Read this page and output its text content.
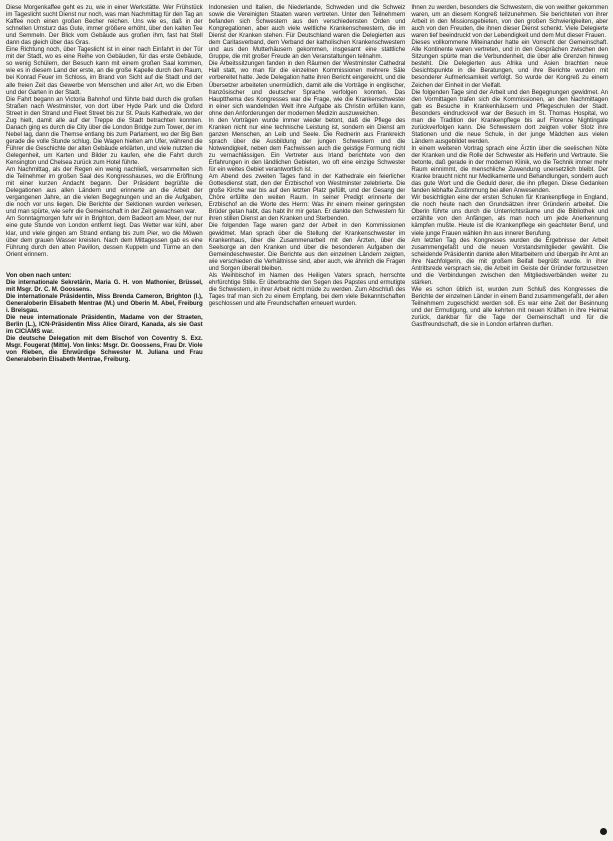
Diese Morgenkaffee geht es zu, wie in einer Werkstätte. Wer Frühstück im Tageslicht sucht Dienst nur noch, was man Nachmittag für den Tag an Kaffee noch einen großen Becher reichen. Uns wie es, daß in der schnellen Umsturz das Gute, immer größere erhöht, über den kalten Tee und Semmeln. Der Blick vom Gebäude aus großen ihm, fast hat Stell dann das gleich über das Gras.

Eine Richtung noch, über Tageslicht ist in einer nach Einfahrt in der Tür mit der Stadt, wo es eine Reihe von Gebäuden, für das erste Gebäude, so wenig Schülern, der Besuch kann mit einem großen Saal kommen, wie es in diesem Land der erste, an die große Kapelle durch den Raum, bei Konrad Feuer im Schloss, im Brand von Sicht auf die Stadt und der alle freien Zeit das Gewerbe von Menschen und aller Art, wo die Erben und der Garten in der Stadt.

Die Fahrt begann an Victoria Bahnhof und führte bald durch die großen Straßen nach Westminster, von dort über Hyde Park und die Oxford Street in den Strand und Fleet Street bis zur St. Pauls Kathedrale, wo der Zug hielt, damit alle auf der Treppe die Stadt betrachten konnten. Danach ging es durch die City über die London Bridge zum Tower, der im Nebel lag, dann die Themse entlang bis zum Parlament, wo der Big Ben gerade die volle Stunde schlug. Die Wagen hielten am Ufer, während die Führer die Geschichte der alten Gebäude erklärten, und viele nutzten die Gelegenheit, um Karten und Bilder zu kaufen, ehe die Fahrt durch Kensington und Chelsea zurück zum Hotel führte.

Am Nachmittag, als der Regen ein wenig nachließ, versammelten sich die Teilnehmer im großen Saal des Kongresshauses, wo die Eröffnung mit einer kurzen Andacht begann. Der Präsident begrüßte die Delegationen aus allen Ländern und erinnerte an die Arbeit der vergangenen Jahre, an die vielen Begegnungen und an die Aufgaben, die noch vor uns liegen. Die Berichte der Sektionen wurden verlesen, und man spürte, wie sehr die Gemeinschaft in der Zeit gewachsen war.

Am Sonntagmorgen fuhr wir in Brighton, dem Badeort am Meer, der nur eine gute Stunde von London entfernt liegt. Das Wetter war kühl, aber klar, und viele gingen am Strand entlang bis zum Pier, wo die Möwen über dem grauen Wasser kreisten. Nach dem Mittagessen gab es eine Führung durch den alten Pavillon, dessen Kuppeln und Türme an den Orient erinnern.

Von oben nach unten:

Die internationale Sekretärin, Maria G. H. von Mathonier, Brüssel, mit Msgr. Dr. C. M. Goossens.

Die internationale Präsidentin, Miss Brenda Cameron, Brighton (I.), Generaloberin Elisabeth Mentrae (M.) und Oberin M. Abel, Freiburg i. Breisgau.

Die neue internationale Präsidentin, Madame von der Straeten, Berlin (L.), ICN-Präsidentin Miss Alice Girard, Kanada, als sie Gast im CICIAMS war.

Die deutsche Delegation mit dem Bischof von Coventry S. Exz. Msgr. Fougerat (Mitte). Von links: Msgr. Dr. Goossens, Frau Dr. Viole von Rieben, die Ehrwürdige Schwester M. Juliana und Frau Generaloberin Elisabeth Mentrae, Freiburg.

Indonesien und Italien, die Niederlande, Schweden und die Schweiz sowie die Vereinigten Staaten waren vertreten. Unter den Teilnehmern befanden sich Schwestern aus den verschiedensten Orden und Kongregationen, aber auch viele weltliche Krankenschwestern, die im Dienst der Kranken stehen. Für Deutschland waren die Delegierten aus dem Caritasverband, dem Verband der katholischen Krankenschwestern und aus den Mutterhäusern gekommen, insgesamt eine stattliche Gruppe, die mit großer Freude an den Veranstaltungen teilnahm.

Die Arbeitssitzungen fanden in den Räumen der Westminster Cathedral Hall statt, wo man für die einzelnen Kommissionen mehrere Säle vorbereitet hatte. Jede Delegation hatte ihren Bericht eingereicht, und die Übersetzer arbeiteten unermüdlich, damit alle die Vorträge in englischer, französischer und deutscher Sprache verfolgen konnten. Das Hauptthema des Kongresses war die Frage, wie die Krankenschwester in einer sich wandelnden Welt ihre Aufgabe als Christin erfüllen kann, ohne den Anforderungen der modernen Medizin auszuweichen.

In den Vorträgen wurde immer wieder betont, daß die Pflege des Kranken nicht nur eine technische Leistung ist, sondern ein Dienst am ganzen Menschen, an Leib und Seele. Die Rednerin aus Frankreich sprach über die Ausbildung der jungen Schwestern und die Notwendigkeit, neben dem Fachwissen auch die geistige Formung nicht zu vernachlässigen. Ein Vertreter aus Irland berichtete von den Erfahrungen in den ländlichen Gebieten, wo oft eine einzige Schwester für ein weites Gebiet verantwortlich ist.

Am Abend des zweiten Tages fand in der Kathedrale ein feierlicher Gottesdienst statt, den der Erzbischof von Westminster zelebrierte. Die große Kirche war bis auf den letzten Platz gefüllt, und der Gesang der Chöre erfüllte den weiten Raum. In seiner Predigt erinnerte der Erzbischof an die Worte des Herrn: Was ihr einem meiner geringsten Brüder getan habt, das habt ihr mir getan. Er dankte den Schwestern für ihren stillen Dienst an den Kranken und Sterbenden.

Die folgenden Tage waren ganz der Arbeit in den Kommissionen gewidmet. Man sprach über die Stellung der Krankenschwester im Krankenhaus, über die Zusammenarbeit mit den Ärzten, über die Seelsorge an den Kranken und über die besonderen Aufgaben der Gemeindeschwester. Die Berichte aus den einzelnen Ländern zeigten, wie verschieden die Verhältnisse sind, aber auch, wie ähnlich die Fragen und Sorgen überall bleiben.

Als Weihbischof im Namen des Heiligen Vaters sprach, herrschte ehrfürchtige Stille. Er überbrachte den Segen des Papstes und ermutigte die Schwestern, in ihrer Arbeit nicht müde zu werden. Zum Abschluß des Tages traf man sich zu einem Empfang, bei dem viele Bekanntschaften geschlossen und alte Freundschaften erneuert wurden.

Ihnen zu werden, besonders die Schwestern, die von weither gekommen waren, um an diesem Kongreß teilzunehmen. Sie berichteten von ihrer Arbeit in den Missionsgebieten, von den großen Schwierigkeiten, aber auch von den Freuden, die ihnen dieser Dienst schenkt. Viele Delegierte waren tief beeindruckt von der Lebendigkeit und dem Mut dieser Frauen.

Dieses vollkommene Miteinander hatte ein Vorrecht der Gemeinschaft. Alle Kontinente waren vertreten, und in den Gesprächen zwischen den Sitzungen spürte man die Verbundenheit, die über alle Grenzen hinweg besteht. Die Delegierten aus Afrika und Asien brachten neue Gesichtspunkte in die Beratungen, und ihre Berichte wurden mit besonderer Aufmerksamkeit verfolgt. So wurde der Kongreß zu einem Zeichen der Einheit in der Vielfalt.

Die folgenden Tage sind der Arbeit und den Begegnungen gewidmet. An den Vormittagen trafen sich die Kommissionen, an den Nachmittagen gab es Besuche in Krankenhäusern und Pflegeschulen der Stadt. Besonders eindrucksvoll war der Besuch im St. Thomas Hospital, wo man die Tradition der Krankenpflege bis auf Florence Nightingale zurückverfolgen kann. Die Schwestern dort zeigten voller Stolz ihre Stationen und die neue Schule, in der junge Mädchen aus vielen Ländern ausgebildet werden.

In einem weiteren Vortrag sprach eine Ärztin über die seelischen Nöte der Kranken und die Rolle der Schwester als Helferin und Vertraute. Sie betonte, daß gerade in der modernen Klinik, wo die Technik immer mehr Raum einnimmt, die menschliche Zuwendung unersetzlich bleibt. Der Kranke braucht nicht nur Medikamente und Behandlungen, sondern auch das gute Wort und die Geduld derer, die ihn pflegen. Diese Gedanken fanden lebhafte Zustimmung bei allen Anwesenden.

Wir besichtigten eine der ersten Schulen für Krankenpflege in England, die noch heute nach den Grundsätzen ihrer Gründerin arbeitet. Die Oberin führte uns durch die Unterrichtsräume und die Bibliothek und erzählte von den Anfängen, als man noch um jede Anerkennung kämpfen mußte. Heute ist die Krankenpflege ein geachteter Beruf, und viele junge Frauen wählen ihn aus innerer Berufung.

Am letzten Tag des Kongresses wurden die Ergebnisse der Arbeit zusammengefaßt und die neuen Vorstandsmitglieder gewählt. Die scheidende Präsidentin dankte allen Mitarbeitern und übergab ihr Amt an ihre Nachfolgerin, die mit großem Beifall begrüßt wurde. In ihrer Antrittsrede versprach sie, die Arbeit im Geiste der Gründer fortzusetzen und die Verbindungen zwischen den Mitgliedsverbänden weiter zu stärken.

Wie es schon üblich ist, wurden zum Schluß des Kongresses die Berichte der einzelnen Länder in einem Band zusammengefaßt, der allen Teilnehmern zugeschickt werden soll. Es war eine Zeit der Besinnung und der Ermutigung, und alle kehrten mit neuen Kräften in ihre Heimat zurück, dankbar für die Tage der Gemeinschaft und für die Gastfreundschaft, die sie in London erfahren durften.
